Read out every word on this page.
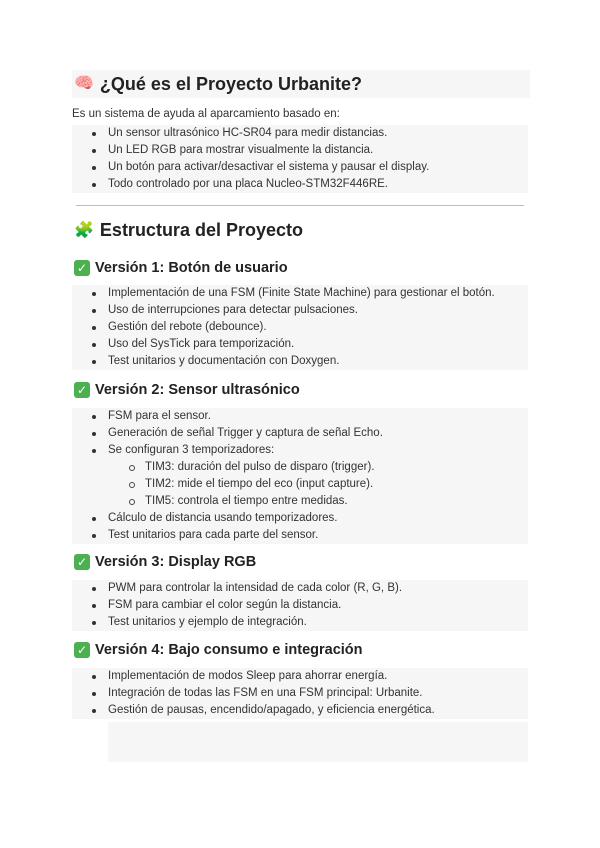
🧠 ¿Qué es el Proyecto Urbanite?

Es un sistema de ayuda al aparcamiento basado en:

Un sensor ultrasónico HC-SR04 para medir distancias.
Un LED RGB para mostrar visualmente la distancia.
Un botón para activar/desactivar el sistema y pausar el display.
Todo controlado por una placa Nucleo-STM32F446RE.
🧩 Estructura del Proyecto
✓ Versión 1: Botón de usuario
Implementación de una FSM (Finite State Machine) para gestionar el botón.
Uso de interrupciones para detectar pulsaciones.
Gestión del rebote (debounce).
Uso del SysTick para temporización.
Test unitarios y documentación con Doxygen.
✓ Versión 2: Sensor ultrasónico
FSM para el sensor.
Generación de señal Trigger y captura de señal Echo.
Se configuran 3 temporizadores:
TIM3: duración del pulso de disparo (trigger).
TIM2: mide el tiempo del eco (input capture).
TIM5: controla el tiempo entre medidas.
Cálculo de distancia usando temporizadores.
Test unitarios para cada parte del sensor.
✓ Versión 3: Display RGB
PWM para controlar la intensidad de cada color (R, G, B).
FSM para cambiar el color según la distancia.
Test unitarios y ejemplo de integración.
✓ Versión 4: Bajo consumo e integración
Implementación de modos Sleep para ahorrar energía.
Integración de todas las FSM en una FSM principal: Urbanite.
Gestión de pausas, encendido/apagado, y eficiencia energética.
